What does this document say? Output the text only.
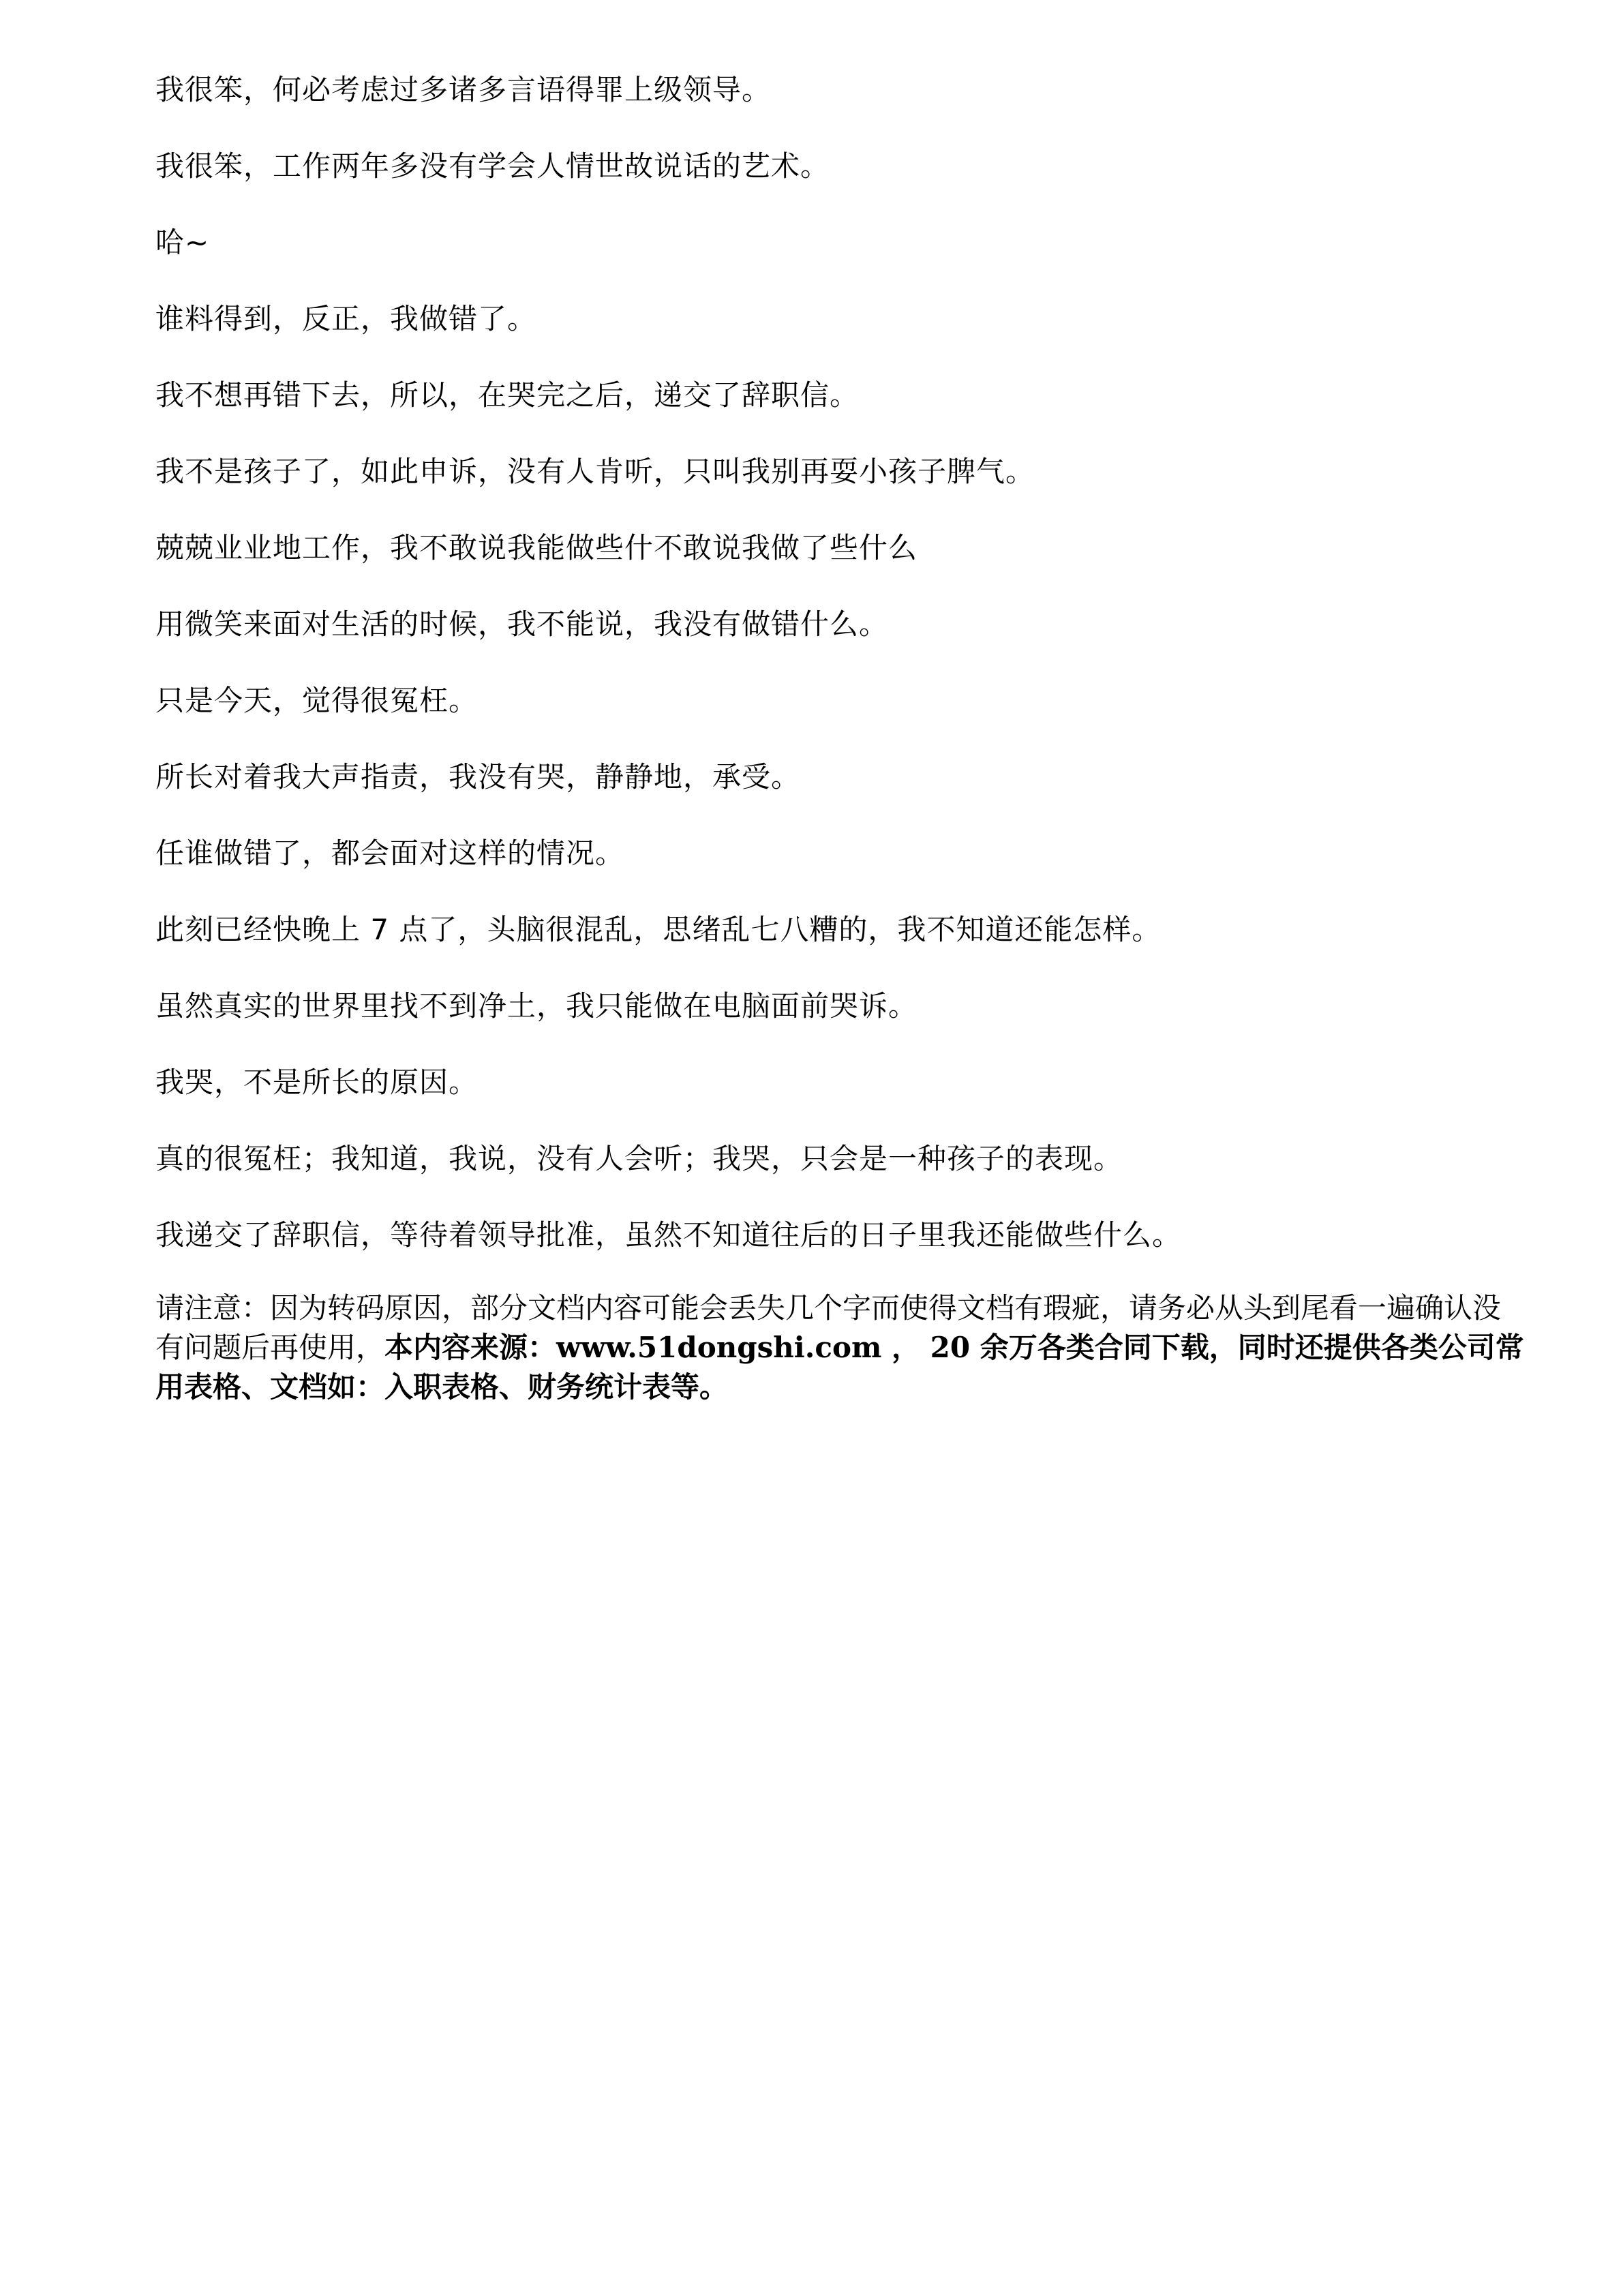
我很笨，何必考虑过多诸多言语得罪上级领导。

我很笨，工作两年多没有学会人情世故说话的艺术。

哈~

谁料得到，反正，我做错了。

我不想再错下去，所以，在哭完之后，递交了辞职信。

我不是孩子了，如此申诉，没有人肯听，只叫我别再耍小孩子脾气。

兢兢业业地工作，我不敢说我能做些什不敢说我做了些什么

用微笑来面对生活的时候，我不能说，我没有做错什么。

只是今天，觉得很冤枉。

所长对着我大声指责，我没有哭，静静地，承受。

任谁做错了，都会面对这样的情况。

此刻已经快晚上 7 点了，头脑很混乱，思绪乱七八糟的，我不知道还能怎样。

虽然真实的世界里找不到净土，我只能做在电脑面前哭诉。

我哭，不是所长的原因。

真的很冤枉；我知道，我说，没有人会听；我哭，只会是一种孩子的表现。

我递交了辞职信，等待着领导批准，虽然不知道往后的日子里我还能做些什么。

请注意：因为转码原因，部分文档内容可能会丢失几个字而使得文档有瑕疵，请务必从头到尾看一遍确认没有问题后再使用，本内容来源：www.51dongshi.com ， 20 余万各类合同下载，同时还提供各类公司常用表格、文档如：入职表格、财务统计表等。
